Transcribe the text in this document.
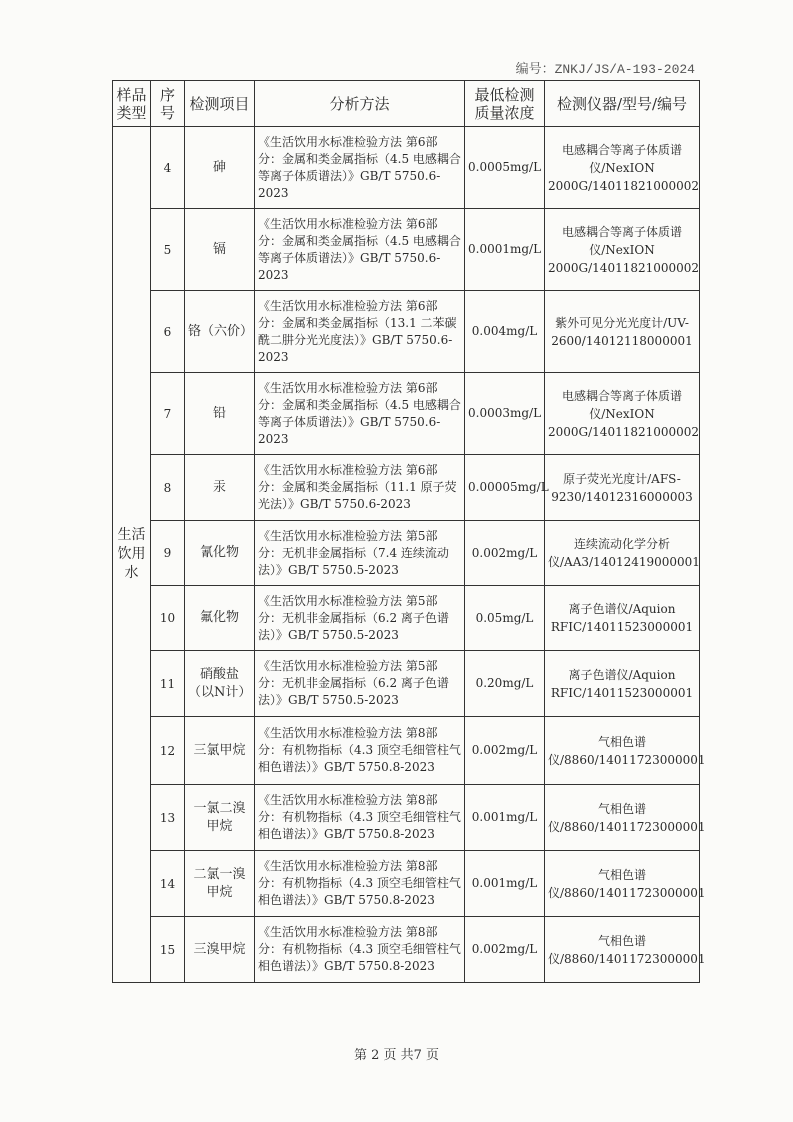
编号：ZNKJ/JS/A-193-2024
样品类型	序号	检测项目	分析方法	最低检测质量浓度	检测仪器/型号/编号
生活饮用水	4	砷	《生活饮用水标准检验方法 第6部分：金属和类金属指标（4.5 电感耦合等离子体质谱法）》GB/T 5750.6-2023	0.0005mg/L	电感耦合等离子体质谱仪/NexION 2000G/14011821000002
	5	镉	《生活饮用水标准检验方法 第6部分：金属和类金属指标（4.5 电感耦合等离子体质谱法）》GB/T 5750.6-2023	0.0001mg/L	电感耦合等离子体质谱仪/NexION 2000G/14011821000002
	6	铬（六价）	《生活饮用水标准检验方法 第6部分：金属和类金属指标（13.1 二苯碳酰二肼分光光度法）》GB/T 5750.6-2023	0.004mg/L	紫外可见分光光度计/UV-2600/14012118000001
	7	铅	《生活饮用水标准检验方法 第6部分：金属和类金属指标（4.5 电感耦合等离子体质谱法）》GB/T 5750.6-2023	0.0003mg/L	电感耦合等离子体质谱仪/NexION 2000G/14011821000002
	8	汞	《生活饮用水标准检验方法 第6部分：金属和类金属指标（11.1 原子荧光法）》GB/T 5750.6-2023	0.00005mg/L	原子荧光光度计/AFS-9230/14012316000003
	9	氰化物	《生活饮用水标准检验方法 第5部分：无机非金属指标（7.4 连续流动法）》GB/T 5750.5-2023	0.002mg/L	连续流动化学分析仪/AA3/14012419000001
	10	氟化物	《生活饮用水标准检验方法 第5部分：无机非金属指标（6.2 离子色谱法）》GB/T 5750.5-2023	0.05mg/L	离子色谱仪/Aquion RFIC/14011523000001
	11	硝酸盐（以N计）	《生活饮用水标准检验方法 第5部分：无机非金属指标（6.2 离子色谱法）》GB/T 5750.5-2023	0.20mg/L	离子色谱仪/Aquion RFIC/14011523000001
	12	三氯甲烷	《生活饮用水标准检验方法 第8部分：有机物指标（4.3 顶空毛细管柱气相色谱法）》GB/T 5750.8-2023	0.002mg/L	气相色谱仪/8860/14011723000001
	13	一氯二溴甲烷	《生活饮用水标准检验方法 第8部分：有机物指标（4.3 顶空毛细管柱气相色谱法）》GB/T 5750.8-2023	0.001mg/L	气相色谱仪/8860/14011723000001
	14	二氯一溴甲烷	《生活饮用水标准检验方法 第8部分：有机物指标（4.3 顶空毛细管柱气相色谱法）》GB/T 5750.8-2023	0.001mg/L	气相色谱仪/8860/14011723000001
	15	三溴甲烷	《生活饮用水标准检验方法 第8部分：有机物指标（4.3 顶空毛细管柱气相色谱法）》GB/T 5750.8-2023	0.002mg/L	气相色谱仪/8860/14011723000001
第 2 页 共7 页
